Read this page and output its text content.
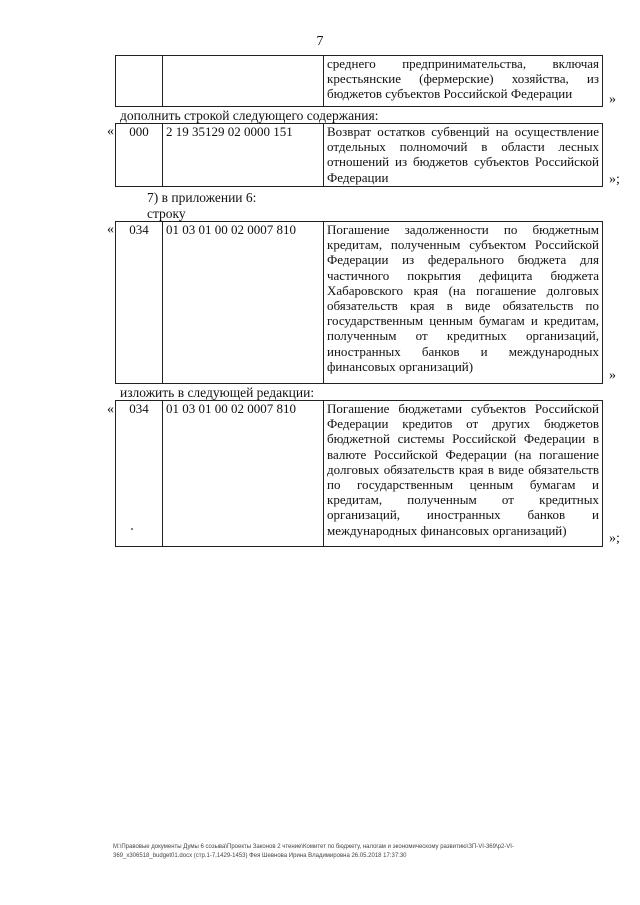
7
		среднего предпринимательства, включая крестьянские (фермерские) хозяйства, из бюджетов субъектов Российской Федерации	»
дополнить строкой следующего содержания:
« 000	2 19 35129 02 0000 151	Возврат остатков субвенций на осуществление отдельных полномочий в области лесных отношений из бюджетов субъектов Российской Федерации	»;
7) в приложении 6:
строку
« 034	01 03 01 00 02 0007 810	Погашение задолженности по бюджетным кредитам, полученным субъектом Российской Федерации из федерального бюджета для частичного покрытия дефицита бюджета Хабаровского края (на погашение долговых обязательств края в виде обязательств по государственным ценным бумагам и кредитам, полученным от кредитных организаций, иностранных банков и международных финансовых организаций)
»
изложить в следующей редакции:
« 034	01 03 01 00 02 0007 810	Погашение бюджетами субъектов Российской Федерации кредитов от других бюджетов бюджетной системы Российской Федерации в валюте Российской Федерации (на погашение долговых обязательств края в виде обязательств по государственным ценным бумагам и кредитам, полученным от кредитных организаций, иностранных банков и международных финансовых организаций)
»;
M:\Правовые документы Думы 6 созыва\Проекты Законов 2 чтение\Комитет по бюджету, налогам и экономическому развитию\ЗП-VI-369\р2-VI-
369_x306518_budget01.docx (стр.1-7,1429-1453) Фея Шевнова Ирина Владимировна 26.05.2018 17:37:30
